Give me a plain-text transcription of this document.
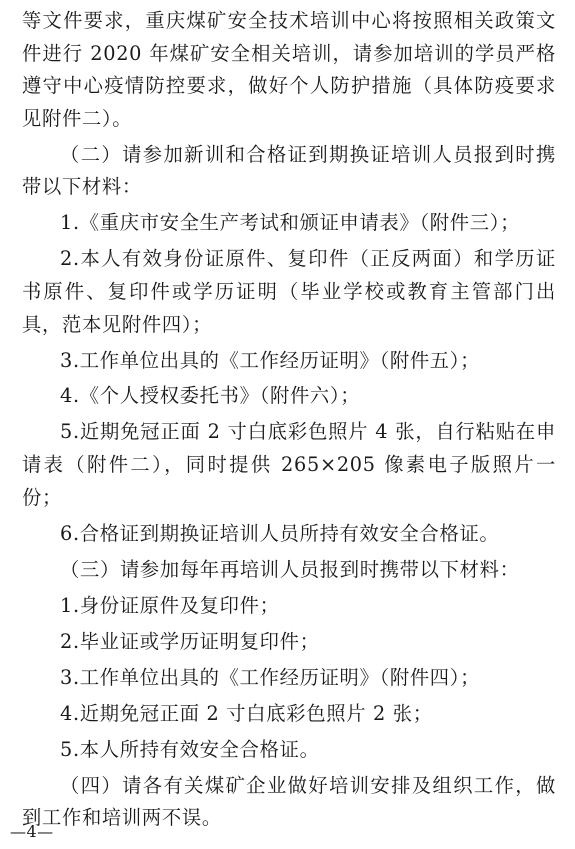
等文件要求，重庆煤矿安全技术培训中心将按照相关政策文件进行 2020 年煤矿安全相关培训，请参加培训的学员严格遵守中心疫情防控要求，做好个人防护措施（具体防疫要求见附件二）。

（二）请参加新训和合格证到期换证培训人员报到时携带以下材料：

1.《重庆市安全生产考试和颁证申请表》（附件三）；

2.本人有效身份证原件、复印件（正反两面）和学历证书原件、复印件或学历证明（毕业学校或教育主管部门出具，范本见附件四）；

3.工作单位出具的《工作经历证明》（附件五）；

4.《个人授权委托书》（附件六）；

5.近期免冠正面 2 寸白底彩色照片 4 张，自行粘贴在申请表（附件二），同时提供 265×205 像素电子版照片一份；

6.合格证到期换证培训人员所持有效安全合格证。

（三）请参加每年再培训人员报到时携带以下材料：

1.身份证原件及复印件；

2.毕业证或学历证明复印件；

3.工作单位出具的《工作经历证明》（附件四）；

4.近期免冠正面 2 寸白底彩色照片 2 张；

5.本人所持有效安全合格证。

（四）请各有关煤矿企业做好培训安排及组织工作，做到工作和培训两不误。

—4—
